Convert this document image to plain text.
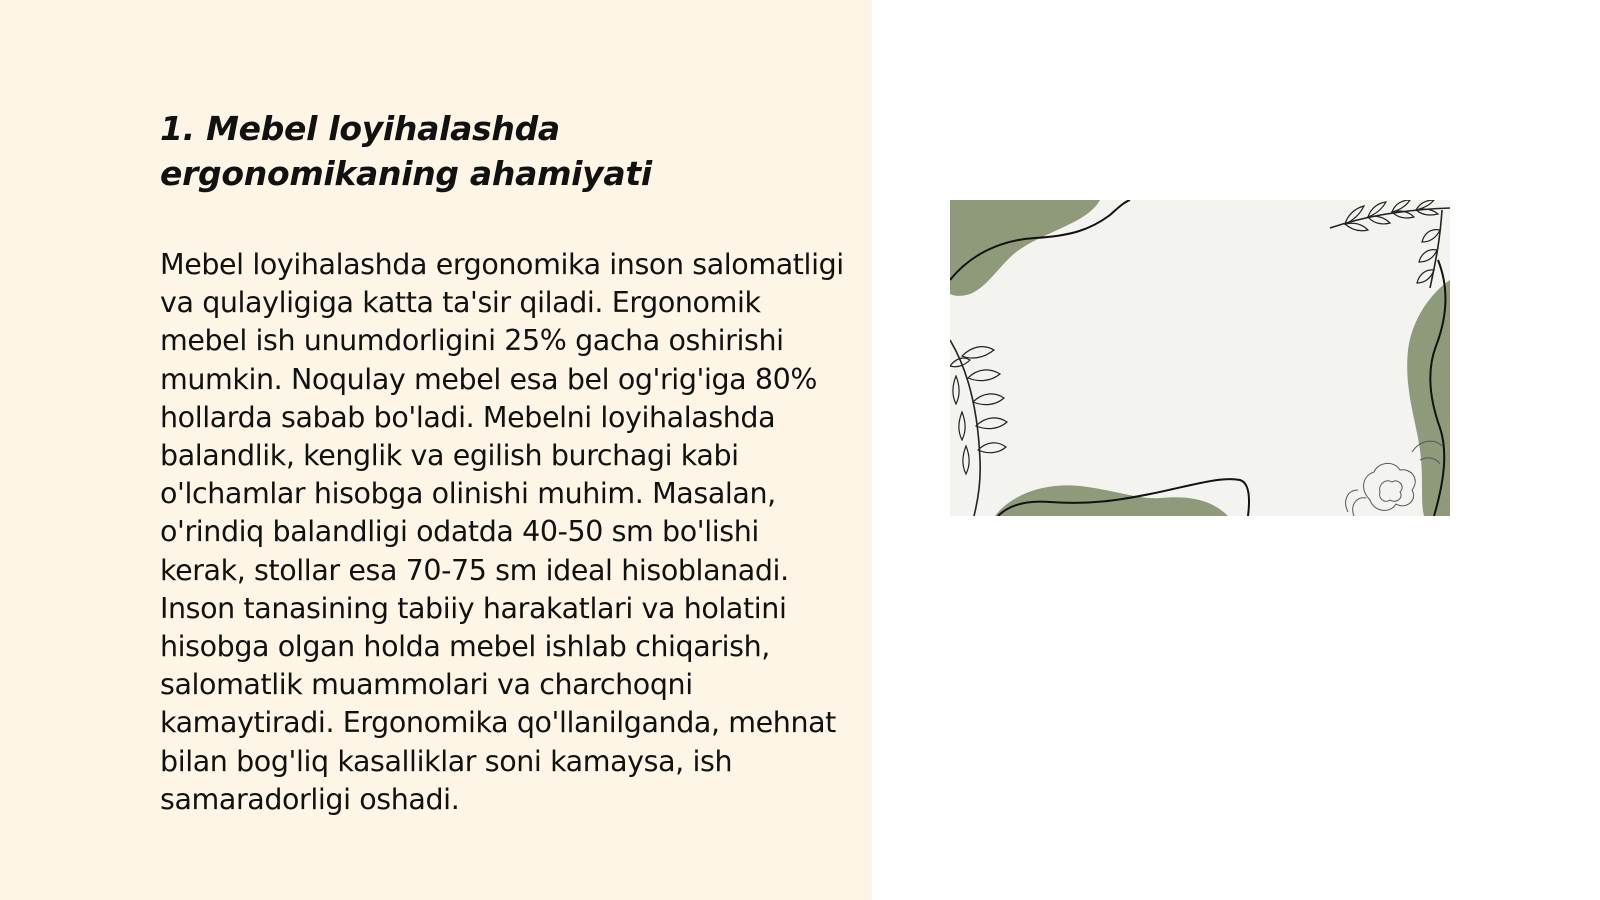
1. Mebel loyihalashda ergonomikaning ahamiyati

Mebel loyihalashda ergonomika inson salomatligi va qulayligiga katta ta'sir qiladi. Ergonomik mebel ish unumdorligini 25% gacha oshirishi mumkin. Noqulay mebel esa bel og'rig'iga 80% hollarda sabab bo'ladi. Mebelni loyihalashda balandlik, kenglik va egilish burchagi kabi o'lchamlar hisobga olinishi muhim. Masalan, o'rindiq balandligi odatda 40-50 sm bo'lishi kerak, stollar esa 70-75 sm ideal hisoblanadi. Inson tanasining tabiiy harakatlari va holatini hisobga olgan holda mebel ishlab chiqarish, salomatlik muammolari va charchoqni kamaytiradi. Ergonomika qo'llanilganda, mehnat bilan bog'liq kasalliklar soni kamaysa, ish samaradorligi oshadi.
